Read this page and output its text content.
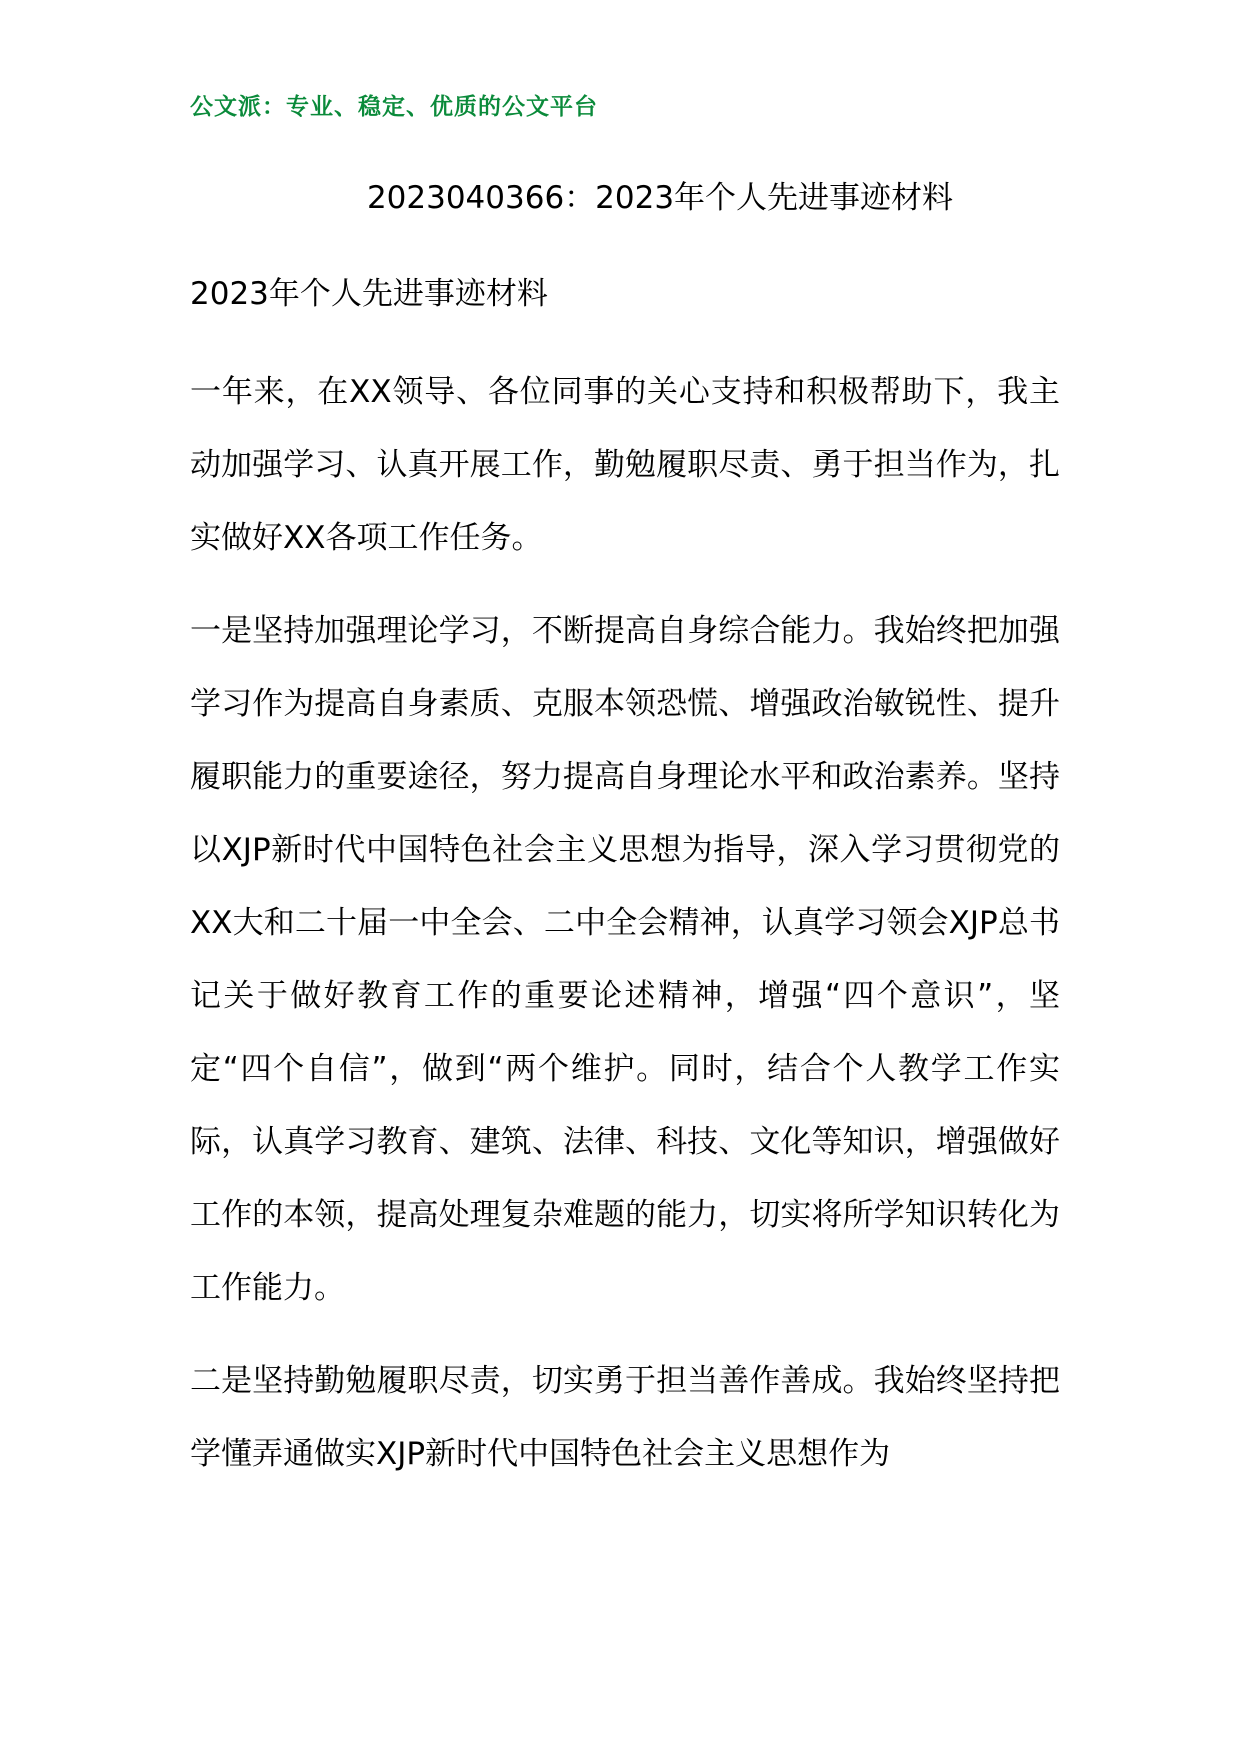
公文派：专业、稳定、优质的公文平台
2023040366：2023年个人先进事迹材料
2023年个人先进事迹材料

一年来，在XX领导、各位同事的关心支持和积极帮助下，我主动加强学习、认真开展工作，勤勉履职尽责、勇于担当作为，扎实做好XX各项工作任务。

一是坚持加强理论学习，不断提高自身综合能力。我始终把加强学习作为提高自身素质、克服本领恐慌、增强政治敏锐性、提升履职能力的重要途径，努力提高自身理论水平和政治素养。坚持以XJP新时代中国特色社会主义思想为指导，深入学习贯彻党的XX大和二十届一中全会、二中全会精神，认真学习领会XJP总书记关于做好教育工作的重要论述精神，增强“四个意识”，坚定“四个自信”，做到“两个维护。同时，结合个人教学工作实际，认真学习教育、建筑、法律、科技、文化等知识，增强做好工作的本领，提高处理复杂难题的能力，切实将所学知识转化为工作能力。

二是坚持勤勉履职尽责，切实勇于担当善作善成。我始终坚持把学懂弄通做实XJP新时代中国特色社会主义思想作为
